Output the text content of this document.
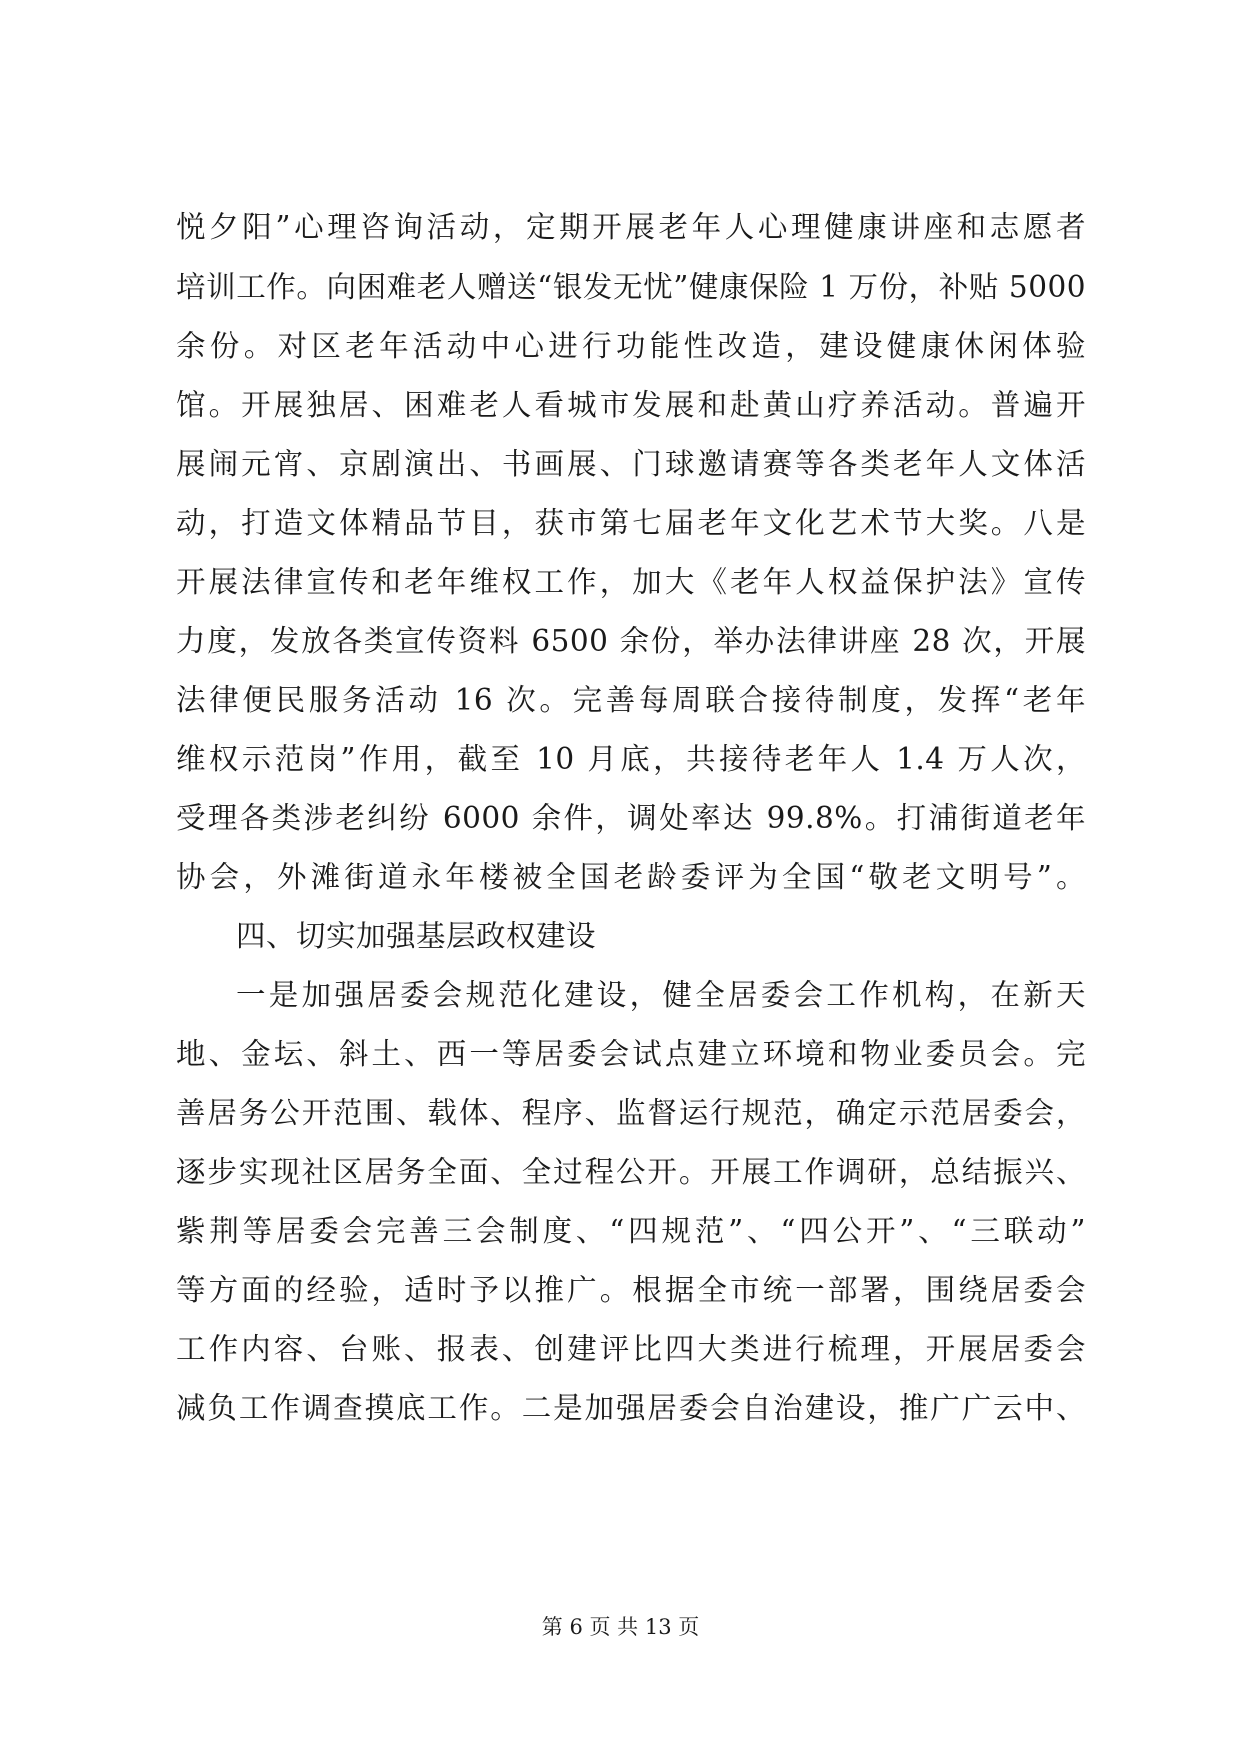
悦夕阳”心理咨询活动，定期开展老年人心理健康讲座和志愿者
培训工作。向困难老人赠送“银发无忧”健康保险 1 万份，补贴 5000
余份。对区老年活动中心进行功能性改造，建设健康休闲体验
馆。开展独居、困难老人看城市发展和赴黄山疗养活动。普遍开
展闹元宵、京剧演出、书画展、门球邀请赛等各类老年人文体活
动，打造文体精品节目，获市第七届老年文化艺术节大奖。八是
开展法律宣传和老年维权工作，加大《老年人权益保护法》宣传
力度，发放各类宣传资料 6500 余份，举办法律讲座 28 次，开展
法律便民服务活动 16 次。完善每周联合接待制度，发挥“老年
维权示范岗”作用，截至 10 月底，共接待老年人 1.4 万人次，
受理各类涉老纠纷 6000 余件，调处率达 99.8%。打浦街道老年
协会，外滩街道永年楼被全国老龄委评为全国“敬老文明号”。
四、切实加强基层政权建设
一是加强居委会规范化建设，健全居委会工作机构，在新天
地、金坛、斜土、西一等居委会试点建立环境和物业委员会。完
善居务公开范围、载体、程序、监督运行规范，确定示范居委会，
逐步实现社区居务全面、全过程公开。开展工作调研，总结振兴、
紫荆等居委会完善三会制度、“四规范”、“四公开”、“三联动”
等方面的经验，适时予以推广。根据全市统一部署，围绕居委会
工作内容、台账、报表、创建评比四大类进行梳理，开展居委会
减负工作调查摸底工作。二是加强居委会自治建设，推广广云中、
第 6 页 共 13 页
